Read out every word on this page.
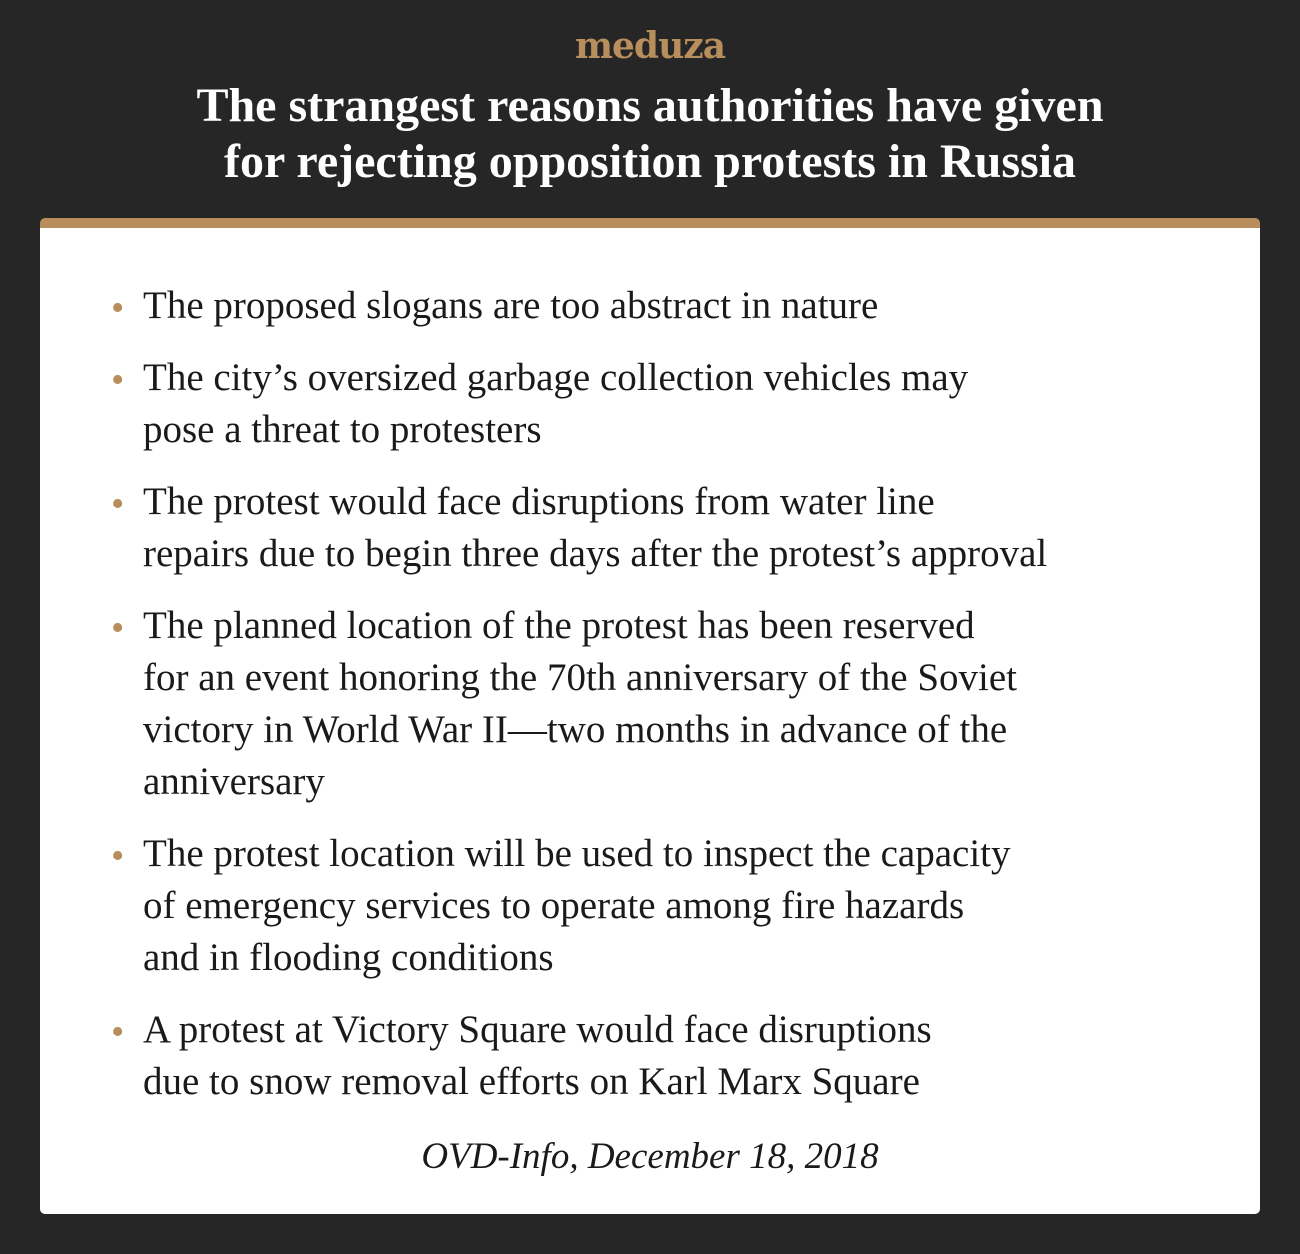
meduza
The strangest reasons authorities have given
for rejecting opposition protests in Russia
• The proposed slogans are too abstract in nature
• The city’s oversized garbage collection vehicles may
pose a threat to protesters
• The protest would face disruptions from water line
repairs due to begin three days after the protest’s approval
• The planned location of the protest has been reserved
for an event honoring the 70th anniversary of the Soviet
victory in World War II—two months in advance of the
anniversary
• The protest location will be used to inspect the capacity
of emergency services to operate among fire hazards
and in flooding conditions
• A protest at Victory Square would face disruptions
due to snow removal efforts on Karl Marx Square
OVD-Info, December 18, 2018
